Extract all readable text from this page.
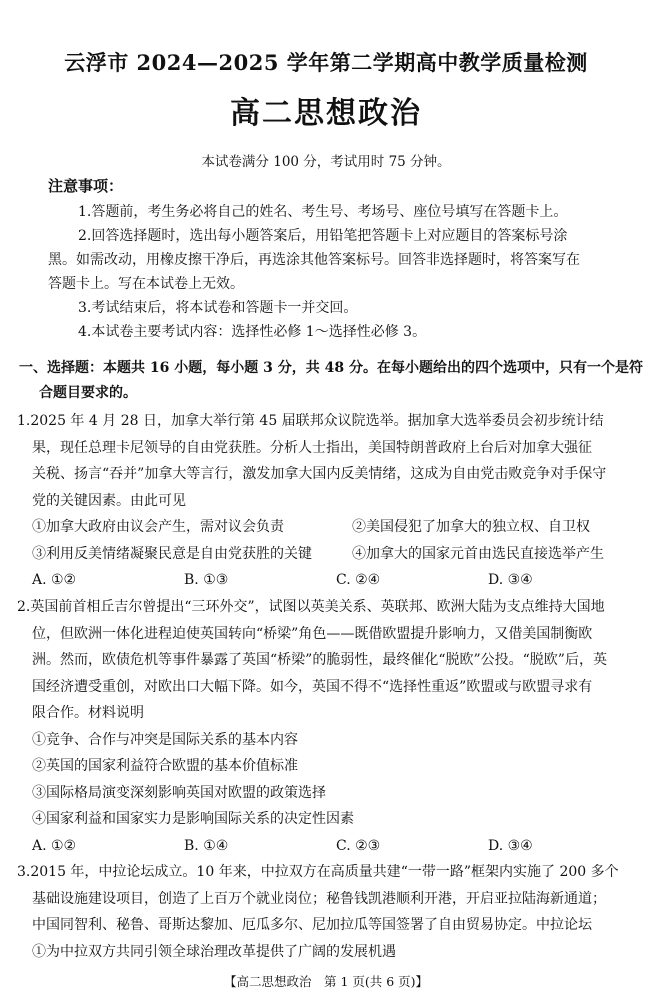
云浮市 2024—2025 学年第二学期高中教学质量检测
高二思想政治
本试卷满分 100 分，考试用时 75 分钟。
注意事项：
1.答题前，考生务必将自己的姓名、考生号、考场号、座位号填写在答题卡上。
2.回答选择题时，选出每小题答案后，用铅笔把答题卡上对应题目的答案标号涂
黑。如需改动，用橡皮擦干净后，再选涂其他答案标号。回答非选择题时，将答案写在
答题卡上。写在本试卷上无效。
3.考试结束后，将本试卷和答题卡一并交回。
4.本试卷主要考试内容：选择性必修 1～选择性必修 3。
一、选择题：本题共 16 小题，每小题 3 分，共 48 分。在每小题给出的四个选项中，只有一个是符
合题目要求的。
1.2025 年 4 月 28 日，加拿大举行第 45 届联邦众议院选举。据加拿大选举委员会初步统计结
果，现任总理卡尼领导的自由党获胜。分析人士指出，美国特朗普政府上台后对加拿大强征
关税、扬言“吞并”加拿大等言行，激发加拿大国内反美情绪，这成为自由党击败竞争对手保守
党的关键因素。由此可见
①加拿大政府由议会产生，需对议会负责	②美国侵犯了加拿大的独立权、自卫权
③利用反美情绪凝聚民意是自由党获胜的关键	④加拿大的国家元首由选民直接选举产生
A. ①②	B. ①③	C. ②④	D. ③④
2.英国前首相丘吉尔曾提出“三环外交”，试图以英美关系、英联邦、欧洲大陆为支点维持大国地
位，但欧洲一体化进程迫使英国转向“桥梁”角色——既借欧盟提升影响力，又借美国制衡欧
洲。然而，欧债危机等事件暴露了英国“桥梁”的脆弱性，最终催化“脱欧”公投。“脱欧”后，英
国经济遭受重创，对欧出口大幅下降。如今，英国不得不“选择性重返”欧盟或与欧盟寻求有
限合作。材料说明
①竞争、合作与冲突是国际关系的基本内容
②英国的国家利益符合欧盟的基本价值标准
③国际格局演变深刻影响英国对欧盟的政策选择
④国家利益和国家实力是影响国际关系的决定性因素
A. ①②	B. ①④	C. ②③	D. ③④
3.2015 年，中拉论坛成立。10 年来，中拉双方在高质量共建“一带一路”框架内实施了 200 多个
基础设施建设项目，创造了上百万个就业岗位；秘鲁钱凯港顺利开港，开启亚拉陆海新通道；
中国同智利、秘鲁、哥斯达黎加、厄瓜多尔、尼加拉瓜等国签署了自由贸易协定。中拉论坛
①为中拉双方共同引领全球治理改革提供了广阔的发展机遇
【高二思想政治　第 1 页(共 6 页)】
